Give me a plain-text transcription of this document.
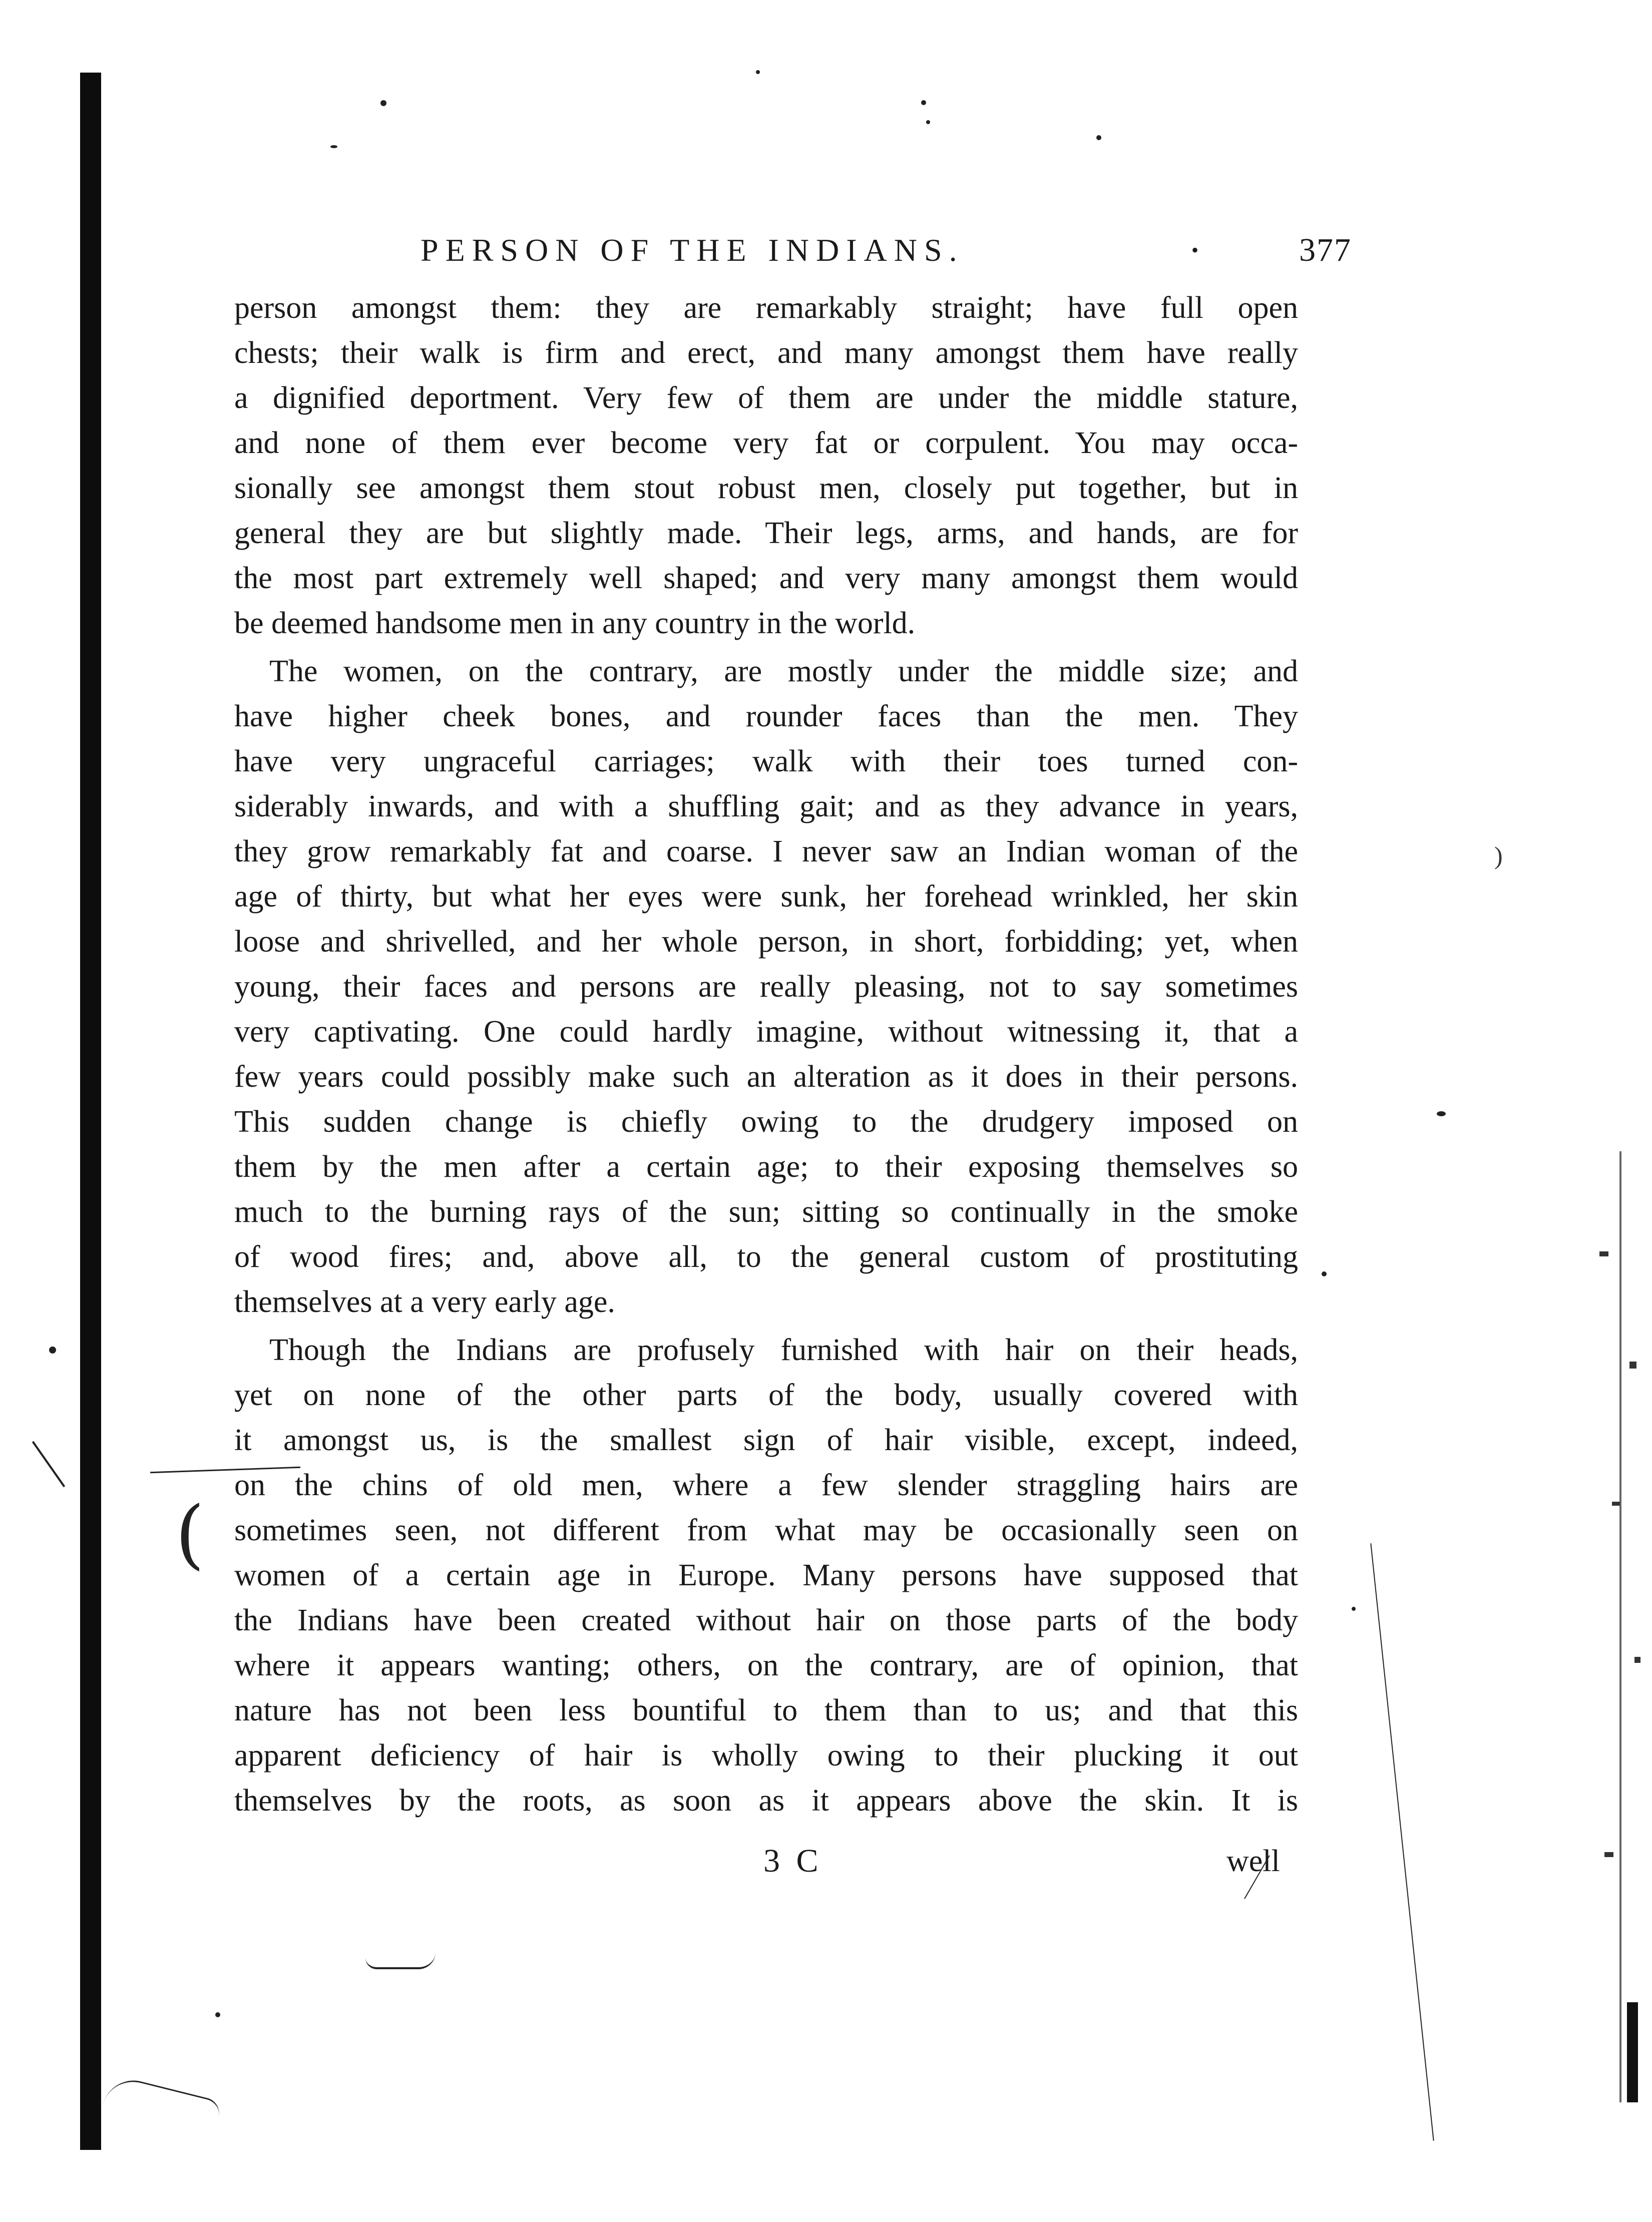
(
)
PERSON OF THE INDIANS.	•	377
person amongst them: they are remarkably straight; have full open
chests; their walk is firm and erect, and many amongst them have really
a dignified deportment. Very few of them are under the middle stature,
and none of them ever become very fat or corpulent. You may occa-
sionally see amongst them stout robust men, closely put together, but in
general they are but slightly made. Their legs, arms, and hands, are for
the most part extremely well shaped; and very many amongst them would
be deemed handsome men in any country in the world.
The women, on the contrary, are mostly under the middle size; and
have higher cheek bones, and rounder faces than the men. They
have very ungraceful carriages; walk with their toes turned con-
siderably inwards, and with a shuffling gait; and as they advance in years,
they grow remarkably fat and coarse. I never saw an Indian woman of the
age of thirty, but what her eyes were sunk, her forehead wrinkled, her skin
loose and shrivelled, and her whole person, in short, forbidding; yet, when
young, their faces and persons are really pleasing, not to say sometimes
very captivating. One could hardly imagine, without witnessing it, that a
few years could possibly make such an alteration as it does in their persons.
This sudden change is chiefly owing to the drudgery imposed on
them by the men after a certain age; to their exposing themselves so
much to the burning rays of the sun; sitting so continually in the smoke
of wood fires; and, above all, to the general custom of prostituting
themselves at a very early age.
Though the Indians are profusely furnished with hair on their heads,
yet on none of the other parts of the body, usually covered with
it amongst us, is the smallest sign of hair visible, except, indeed,
on the chins of old men, where a few slender straggling hairs are
sometimes seen, not different from what may be occasionally seen on
women of a certain age in Europe. Many persons have supposed that
the Indians have been created without hair on those parts of the body
where it appears wanting; others, on the contrary, are of opinion, that
nature has not been less bountiful to them than to us; and that this
apparent deficiency of hair is wholly owing to their plucking it out
themselves by the roots, as soon as it appears above the skin. It is
3 C	well
